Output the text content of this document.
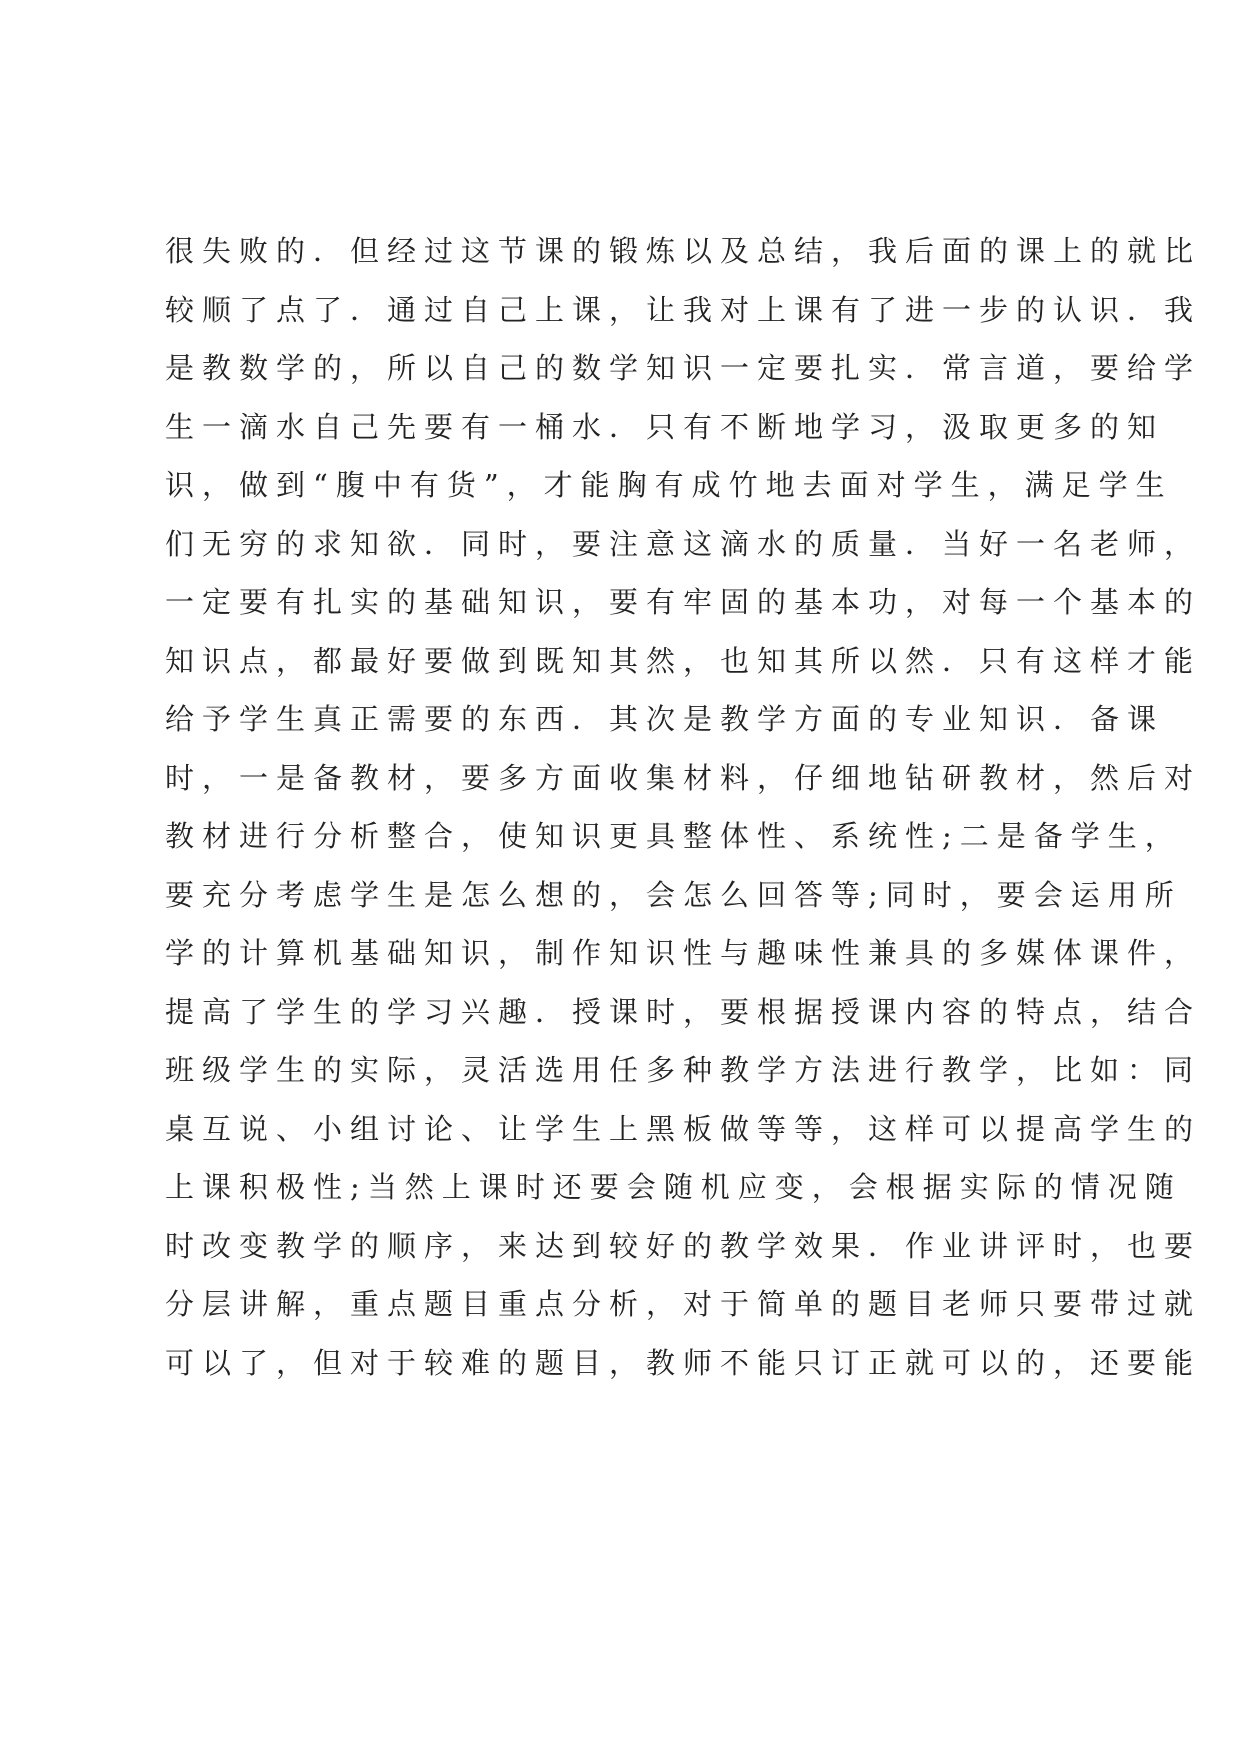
很失败的．但经过这节课的锻炼以及总结，我后面的课上的就比
较顺了点了．通过自己上课，让我对上课有了进一步的认识．我
是教数学的，所以自己的数学知识一定要扎实．常言道，要给学
生一滴水自己先要有一桶水．只有不断地学习，汲取更多的知
识，做到“腹中有货”，才能胸有成竹地去面对学生，满足学生
们无穷的求知欲．同时，要注意这滴水的质量．当好一名老师，
一定要有扎实的基础知识，要有牢固的基本功，对每一个基本的
知识点，都最好要做到既知其然，也知其所以然．只有这样才能
给予学生真正需要的东西．其次是教学方面的专业知识．备课
时，一是备教材，要多方面收集材料，仔细地钻研教材，然后对
教材进行分析整合，使知识更具整体性、系统性;二是备学生，
要充分考虑学生是怎么想的，会怎么回答等;同时，要会运用所
学的计算机基础知识，制作知识性与趣味性兼具的多媒体课件，
提高了学生的学习兴趣．授课时，要根据授课内容的特点，结合
班级学生的实际，灵活选用任多种教学方法进行教学，比如：同
桌互说、小组讨论、让学生上黑板做等等，这样可以提高学生的
上课积极性;当然上课时还要会随机应变，会根据实际的情况随
时改变教学的顺序，来达到较好的教学效果．作业讲评时，也要
分层讲解，重点题目重点分析，对于简单的题目老师只要带过就
可以了，但对于较难的题目，教师不能只订正就可以的，还要能
